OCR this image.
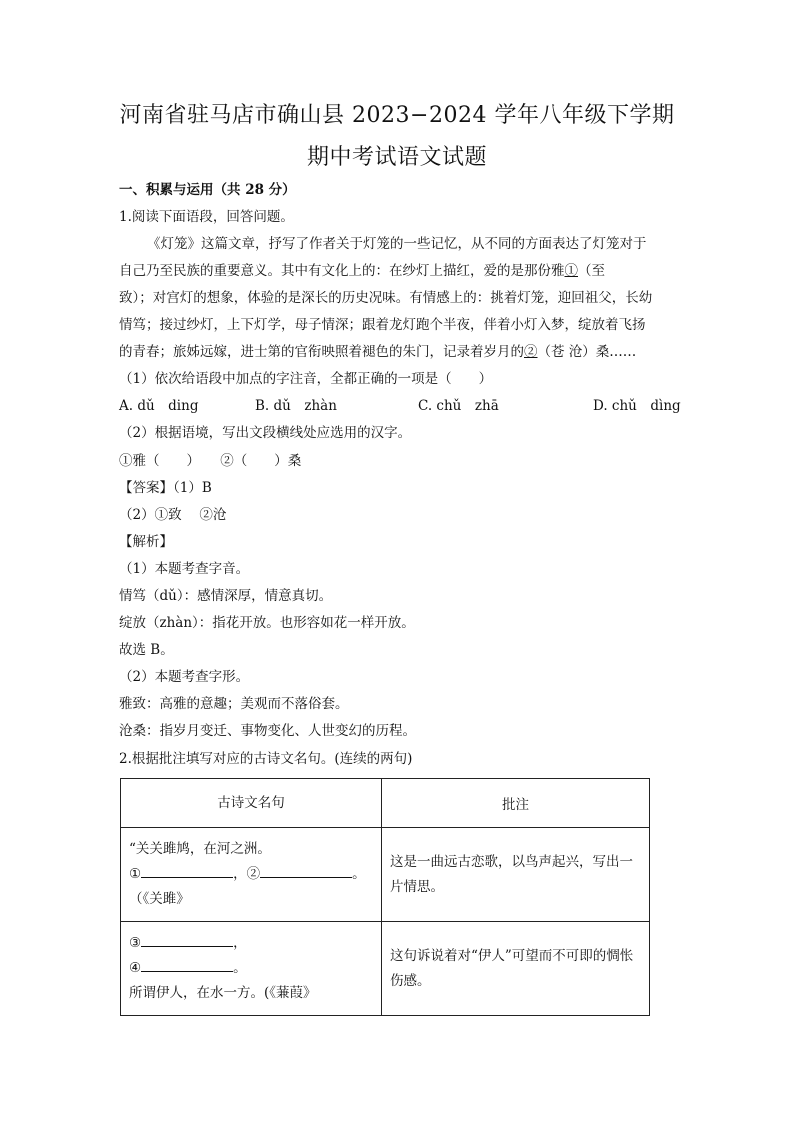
河南省驻马店市确山县 2023−2024 学年八年级下学期
期中考试语文试题
一、积累与运用（共 28 分）
1.阅读下面语段，回答问题。
《灯笼》这篇文章，抒写了作者关于灯笼的一些记忆，从不同的方面表达了灯笼对于
自己乃至民族的重要意义。其中有文化上的：在纱灯上描红，爱的是那份雅①（至
致）；对宫灯的想象，体验的是深长的历史况味。有情感上的：挑着灯笼，迎回祖父，长幼
情笃；接过纱灯，上下灯学，母子情深；跟着龙灯跑个半夜，伴着小灯入梦，绽放着飞扬
的青春；旅姊远嫁，进士第的官衔映照着褪色的朱门，记录着岁月的②（苍 沧）桑……
（1）依次给语段中加点的字注音，全都正确的一项是（　　）
A. dǔ　ding	B. dǔ　zhàn	C. chǔ　zhā	D. chǔ　dìng
（2）根据语境，写出文段横线处应选用的汉字。
①雅（　　）　　②（　　）桑
【答案】（1）B
（2）①致　 ②沧
【解析】
（1）本题考查字音。
情笃（dǔ）：感情深厚，情意真切。
绽放（zhàn）：指花开放。也形容如花一样开放。
故选 B。
（2）本题考查字形。
雅致：高雅的意趣；美观而不落俗套。
沧桑：指岁月变迁、事物变化、人世变幻的历程。
2.根据批注填写对应的古诗文名句。(连续的两句)
古诗文名句	批注

“关关雎鸠，在河之洲。
① ，② 。
（《关雎》	这是一曲远古恋歌，以鸟声起兴，写出一片情思。

③ ，
④ 。
所谓伊人，在水一方。(《蒹葭》	这句诉说着对“伊人”可望而不可即的惆怅伤感。
